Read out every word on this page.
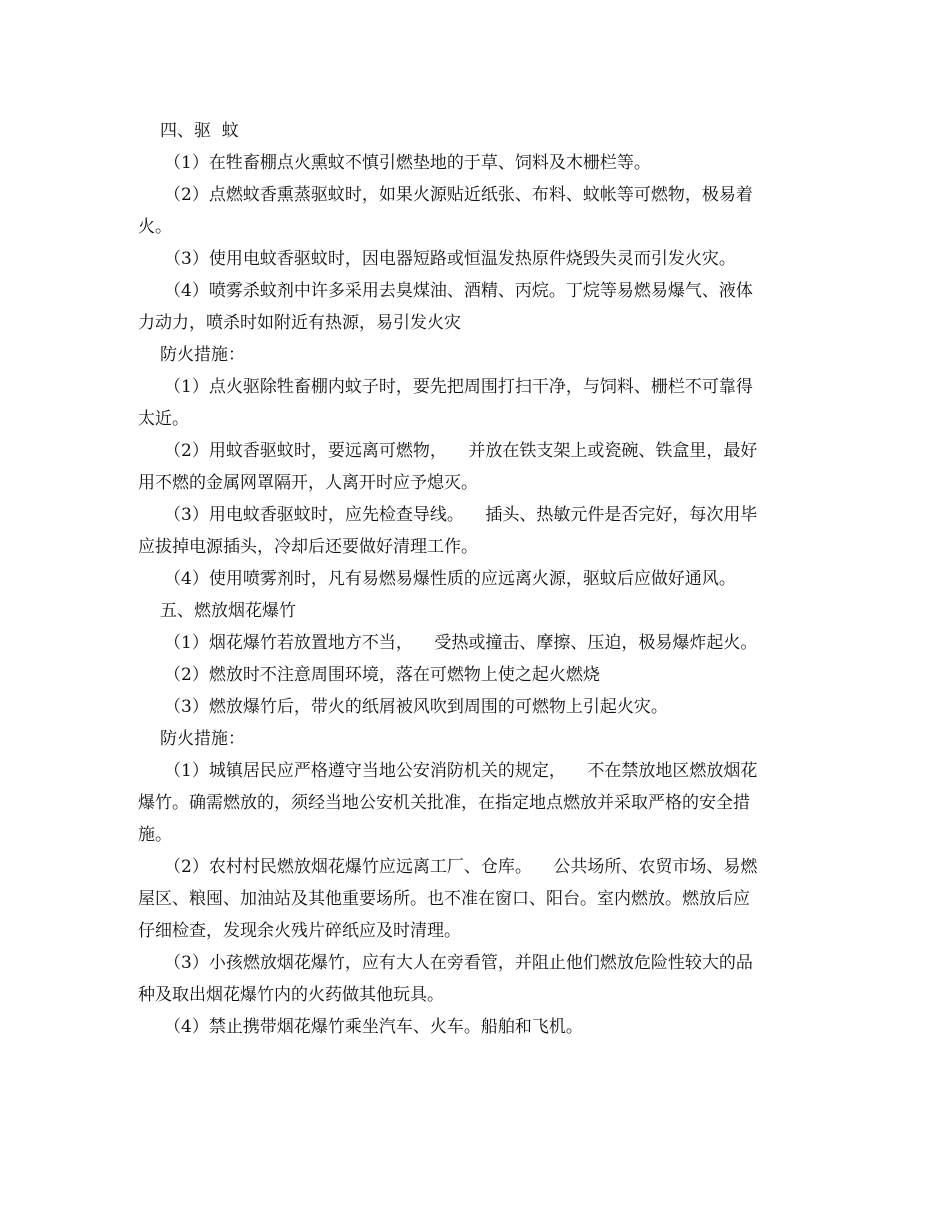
四、驱  蚊
（1）在牲畜棚点火熏蚊不慎引燃垫地的于草、饲料及木栅栏等。
（2）点燃蚊香熏蒸驱蚊时，如果火源贴近纸张、布料、蚊帐等可燃物，极易着
火。
（3）使用电蚊香驱蚊时，因电器短路或恒温发热原件烧毁失灵而引发火灾。
（4）喷雾杀蚊剂中许多采用去臭煤油、酒精、丙烷。丁烷等易燃易爆气、液体
力动力，喷杀时如附近有热源，易引发火灾
防火措施：
（1）点火驱除牲畜棚内蚊子时，要先把周围打扫干净，与饲料、栅栏不可靠得
太近。
（2）用蚊香驱蚊时，要远离可燃物，    并放在铁支架上或瓷碗、铁盒里，最好
用不燃的金属网罩隔开，人离开时应予熄灭。
（3）用电蚊香驱蚊时，应先检查导线。    插头、热敏元件是否完好，每次用毕
应拔掉电源插头，冷却后还要做好清理工作。
（4）使用喷雾剂时，凡有易燃易爆性质的应远离火源，驱蚊后应做好通风。
五、燃放烟花爆竹
（1）烟花爆竹若放置地方不当，    受热或撞击、摩擦、压迫，极易爆炸起火。
（2）燃放时不注意周围环境，落在可燃物上使之起火燃烧
（3）燃放爆竹后，带火的纸屑被风吹到周围的可燃物上引起火灾。
防火措施：
（1）城镇居民应严格遵守当地公安消防机关的规定，    不在禁放地区燃放烟花
爆竹。确需燃放的，须经当地公安机关批准，在指定地点燃放并采取严格的安全措
施。
（2）农村村民燃放烟花爆竹应远离工厂、仓库。    公共场所、农贸市场、易燃
屋区、粮囤、加油站及其他重要场所。也不准在窗口、阳台。室内燃放。燃放后应
仔细检查，发现余火残片碎纸应及时清理。
（3）小孩燃放烟花爆竹，应有大人在旁看管，并阻止他们燃放危险性较大的品
种及取出烟花爆竹内的火药做其他玩具。
（4）禁止携带烟花爆竹乘坐汽车、火车。船舶和飞机。
